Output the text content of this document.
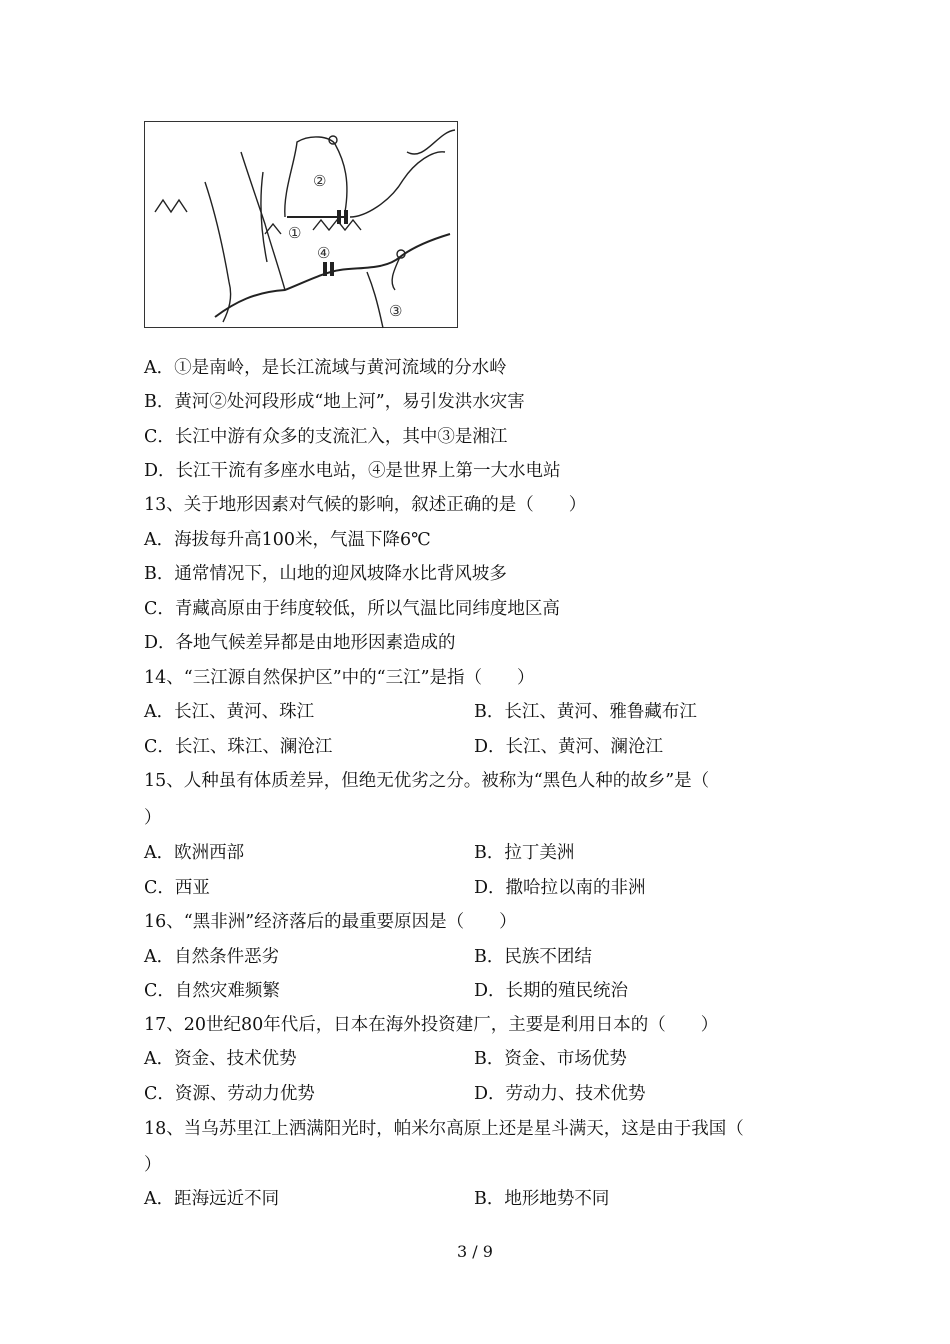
②
①
④
③
A．①是南岭，是长江流域与黄河流域的分水岭
B．黄河②处河段形成“地上河”，易引发洪水灾害
C．长江中游有众多的支流汇入，其中③是湘江
D．长江干流有多座水电站，④是世界上第一大水电站
13、关于地形因素对气候的影响，叙述正确的是（　　）
A．海拔每升高100米，气温下降6℃
B．通常情况下，山地的迎风坡降水比背风坡多
C．青藏高原由于纬度较低，所以气温比同纬度地区高
D．各地气候差异都是由地形因素造成的
14、“三江源自然保护区”中的“三江”是指（　　）
A．长江、黄河、珠江	B．长江、黄河、雅鲁藏布江
C．长江、珠江、澜沧江	D．长江、黄河、澜沧江
15、人种虽有体质差异，但绝无优劣之分。被称为“黑色人种的故乡”是（
）
A．欧洲西部	B．拉丁美洲
C．西亚	D．撒哈拉以南的非洲
16、“黑非洲”经济落后的最重要原因是（　　）
A．自然条件恶劣	B．民族不团结
C．自然灾难频繁	D．长期的殖民统治
17、20世纪80年代后，日本在海外投资建厂，主要是利用日本的（　　）
A．资金、技术优势	B．资金、市场优势
C．资源、劳动力优势	D．劳动力、技术优势
18、当乌苏里江上洒满阳光时，帕米尔高原上还是星斗满天，这是由于我国（
）
A．距海远近不同	B．地形地势不同
3 / 9
